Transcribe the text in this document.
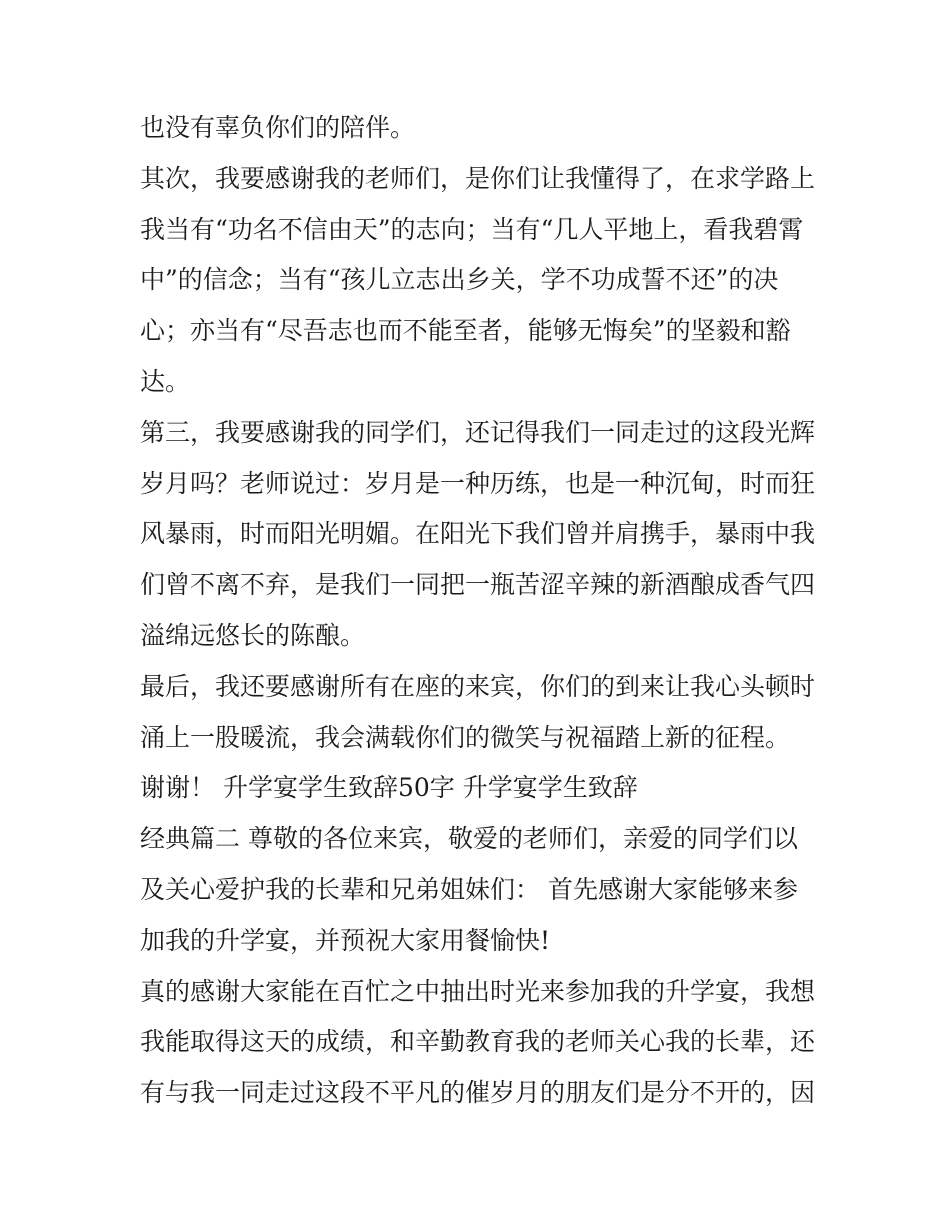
也没有辜负你们的陪伴。
其次，我要感谢我的老师们，是你们让我懂得了，在求学路上
我当有“功名不信由天”的志向；当有“几人平地上，看我碧霄
中”的信念；当有“孩儿立志出乡关，学不功成誓不还”的决
心；亦当有“尽吾志也而不能至者，能够无悔矣”的坚毅和豁
达。
第三，我要感谢我的同学们，还记得我们一同走过的这段光辉
岁月吗？老师说过：岁月是一种历练，也是一种沉甸，时而狂
风暴雨，时而阳光明媚。在阳光下我们曾并肩携手，暴雨中我
们曾不离不弃，是我们一同把一瓶苦涩辛辣的新酒酿成香气四
溢绵远悠长的陈酿。
最后，我还要感谢所有在座的来宾，你们的到来让我心头顿时
涌上一股暖流，我会满载你们的微笑与祝福踏上新的征程。
谢谢！ 升学宴学生致辞50字 升学宴学生致辞
经典篇二 尊敬的各位来宾，敬爱的老师们，亲爱的同学们以
及关心爱护我的长辈和兄弟姐妹们： 首先感谢大家能够来参
加我的升学宴，并预祝大家用餐愉快!
真的感谢大家能在百忙之中抽出时光来参加我的升学宴，我想
我能取得这天的成绩，和辛勤教育我的老师关心我的长辈，还
有与我一同走过这段不平凡的催岁月的朋友们是分不开的，因
